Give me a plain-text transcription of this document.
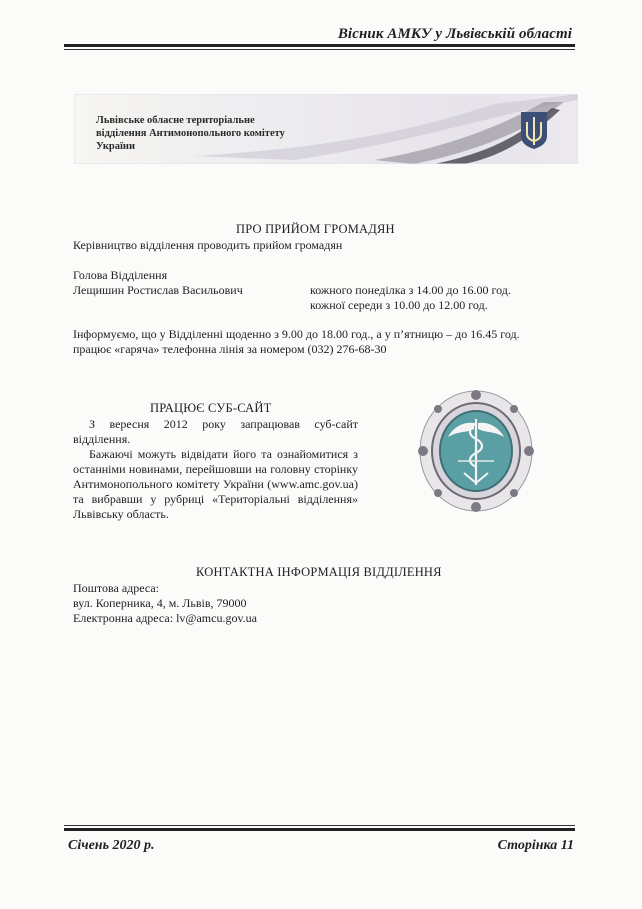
Вісник АМКУ у Львівській області
Львівське обласне територіальне
відділення Антимонопольного комітету
України
ПРО ПРИЙОМ ГРОМАДЯН
Керівництво відділення проводить прийом громадян
Голова Відділення
Лещишин Ростислав Васильович	кожного понеділка з 14.00 до 16.00 год.
кожної середи з 10.00 до 12.00 год.
Інформуємо, що у Відділенні щоденно з 9.00 до 18.00 год., а у п’ятницю – до 16.45 год.
працює «гаряча» телефонна лінія за номером (032) 276-68-30
ПРАЦЮЄ СУБ-САЙТ
З вересня 2012 року запрацював суб-сайт відділення.
Бажаючі можуть відвідати його та ознайомитися з останніми новинами, перейшовши на головну сторінку Антимонопольного комітету України (www.amc.gov.ua) та вибравши у рубриці «Територіальні відділення» Львівську область.
КОНТАКТНА ІНФОРМАЦІЯ ВІДДІЛЕННЯ
Поштова адреса:
вул. Коперника, 4, м. Львів, 79000
Електронна адреса: lv@amcu.gov.ua
Січень 2020 р.	Сторінка 11
